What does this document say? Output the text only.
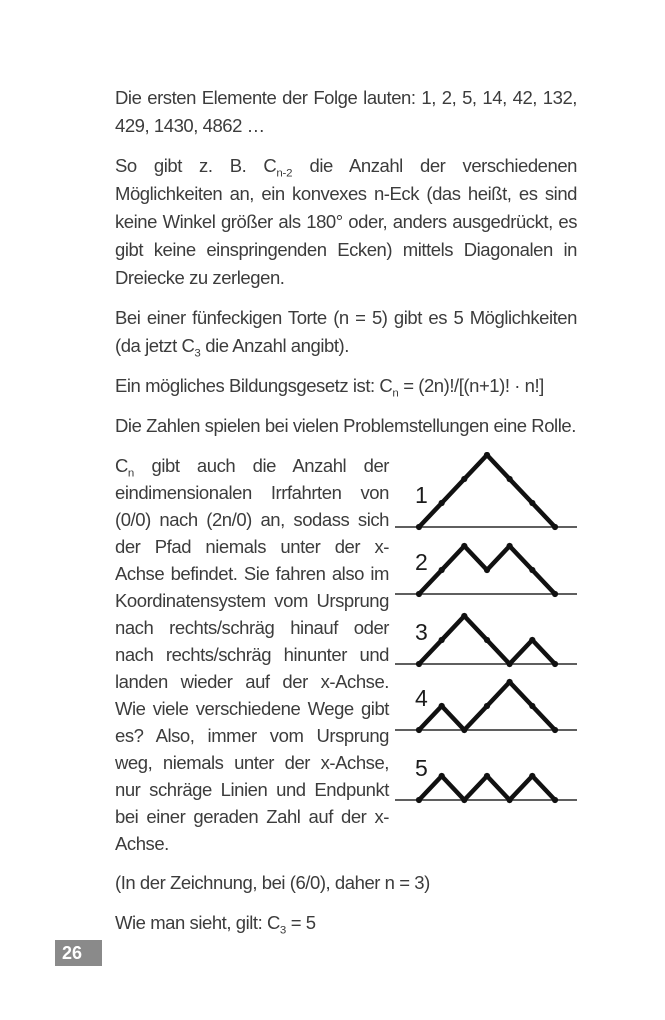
Die ersten Elemente der Folge lauten: 1, 2, 5, 14, 42, 132, 429, 1430, 4862 …

So gibt z. B. $C_{n-2}$ die Anzahl der verschiedenen Möglichkeiten an, ein konvexes n-Eck (das heißt, es sind keine Winkel größer als 180° oder, anders ausgedrückt, es gibt keine einspringenden Ecken) mittels Diagonalen in Dreiecke zu zerlegen.

Bei einer fünfeckigen Torte (n = 5) gibt es 5 Möglichkeiten (da jetzt $C_3$ die Anzahl angibt).

Ein mögliches Bildungsgesetz ist: $C_n = (2n)!/[(n+1)$! · n!]

Die Zahlen spielen bei vielen Problemstellungen eine Rolle.

1
2
3
4
5
$C_n$ gibt auch die Anzahl der eindimensionalen Irrfahrten von (0/0) nach (2n/0) an, sodass sich der Pfad niemals unter der x-Achse befindet. Sie fahren also im Koordinatensystem vom Ursprung nach rechts/schräg hinauf oder nach rechts/schräg hinunter und landen wieder auf der x-Achse. Wie viele verschiedene Wege gibt es? Also, immer vom Ursprung weg, niemals unter der x-Achse, nur schräge Linien und Endpunkt bei einer geraden Zahl auf der x-Achse.

(In der Zeichnung, bei (6/0), daher n = 3)

Wie man sieht, gilt: $C_3 = 5$

26
